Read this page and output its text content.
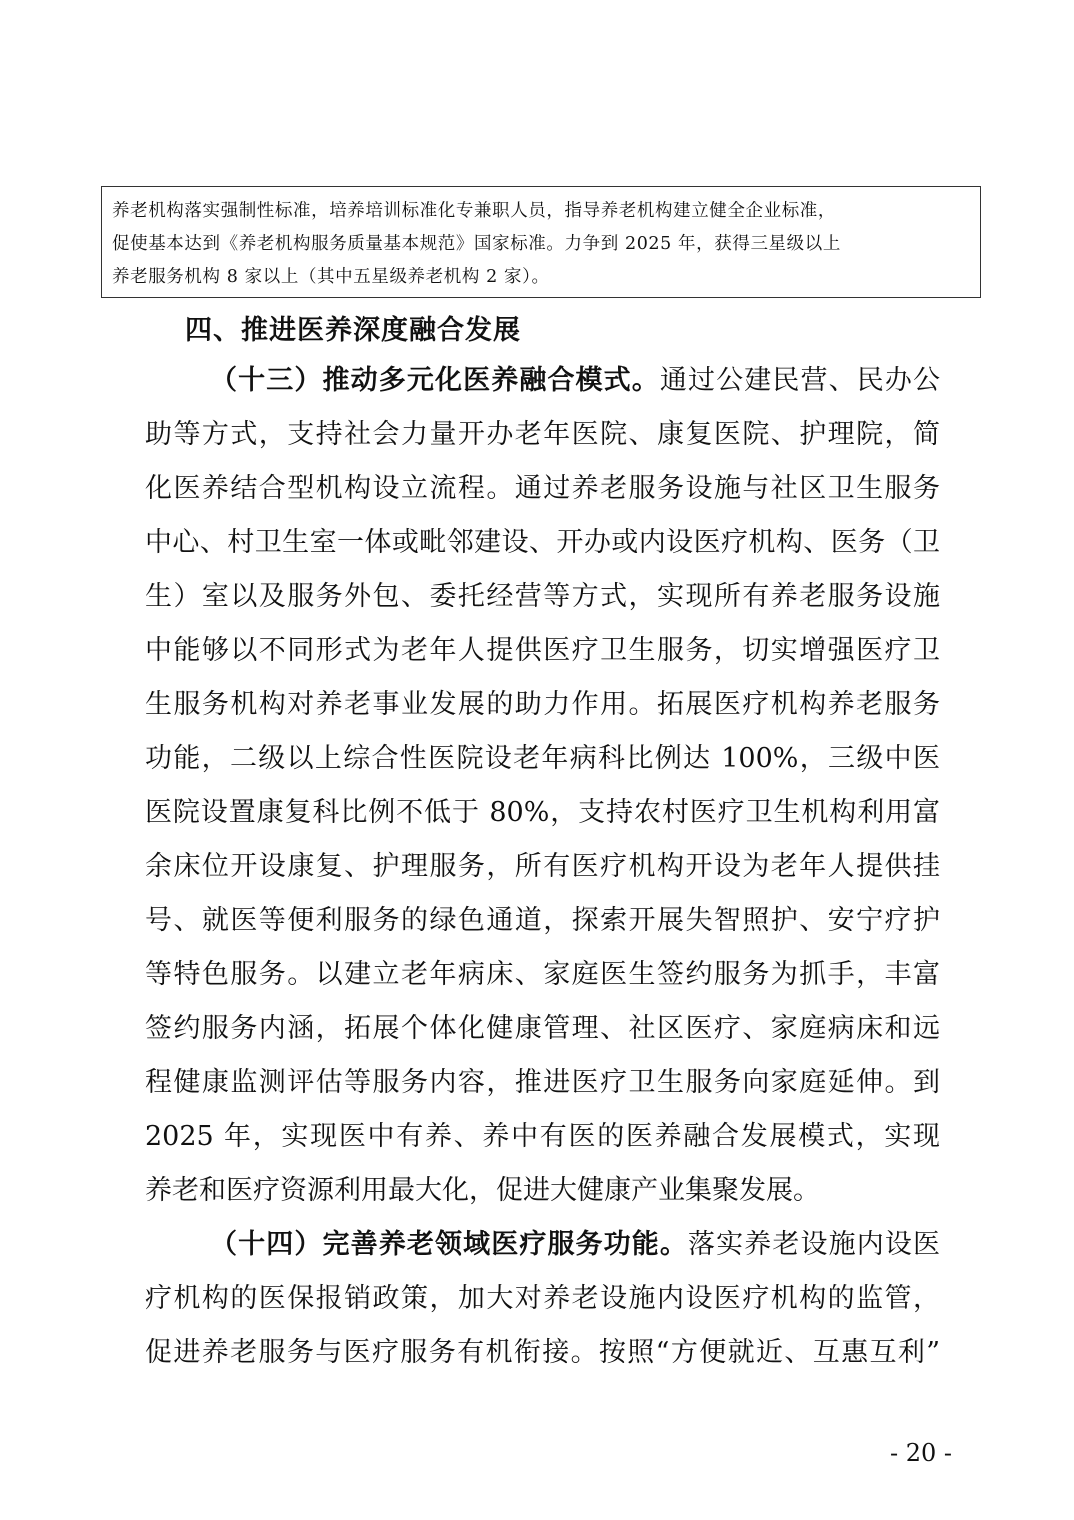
养老机构落实强制性标准，培养培训标准化专兼职人员，指导养老机构建立健全企业标准，
促使基本达到《养老机构服务质量基本规范》国家标准。力争到 2025 年，获得三星级以上
养老服务机构 8 家以上（其中五星级养老机构 2 家）。
四、推进医养深度融合发展
（十三）推动多元化医养融合模式。通过公建民营、民办公
助等方式，支持社会力量开办老年医院、康复医院、护理院，简
化医养结合型机构设立流程。通过养老服务设施与社区卫生服务
中心、村卫生室一体或毗邻建设、开办或内设医疗机构、医务（卫
生）室以及服务外包、委托经营等方式，实现所有养老服务设施
中能够以不同形式为老年人提供医疗卫生服务，切实增强医疗卫
生服务机构对养老事业发展的助力作用。拓展医疗机构养老服务
功能，二级以上综合性医院设老年病科比例达 100%，三级中医
医院设置康复科比例不低于 80%，支持农村医疗卫生机构利用富
余床位开设康复、护理服务，所有医疗机构开设为老年人提供挂
号、就医等便利服务的绿色通道，探索开展失智照护、安宁疗护
等特色服务。以建立老年病床、家庭医生签约服务为抓手，丰富
签约服务内涵，拓展个体化健康管理、社区医疗、家庭病床和远
程健康监测评估等服务内容，推进医疗卫生服务向家庭延伸。到
2025 年，实现医中有养、养中有医的医养融合发展模式，实现
养老和医疗资源利用最大化，促进大健康产业集聚发展。
（十四）完善养老领域医疗服务功能。落实养老设施内设医
疗机构的医保报销政策，加大对养老设施内设医疗机构的监管，
促进养老服务与医疗服务有机衔接。按照“方便就近、互惠互利”
- 20 -
